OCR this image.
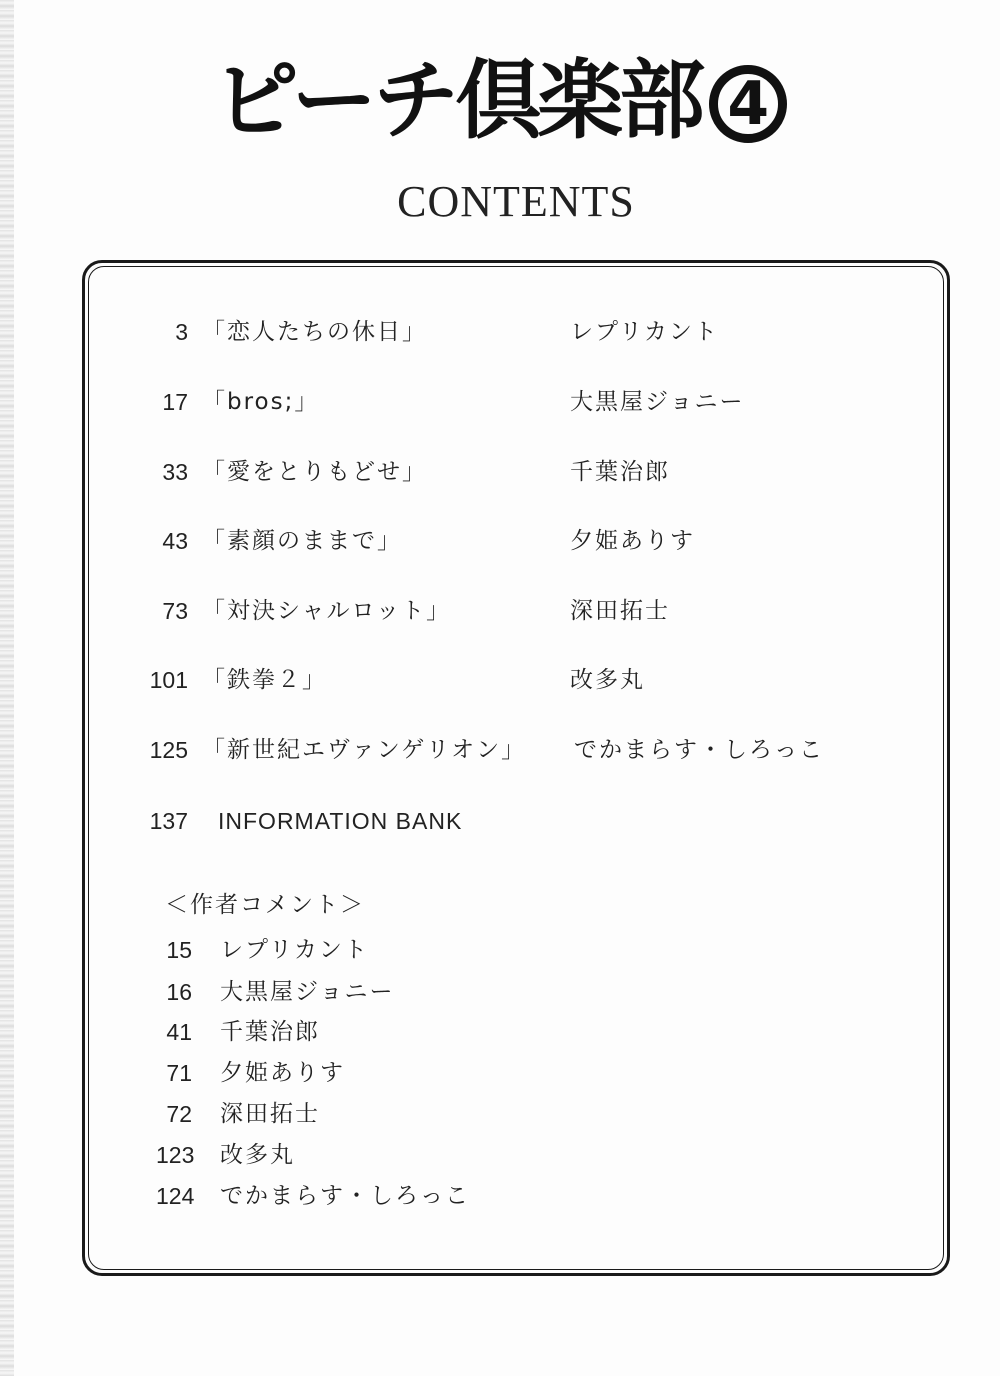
ピーチ倶楽部 4
CONTENTS
3 「恋人たちの休日」	レプリカント
17 「bros;」	大黒屋ジョニー
33 「愛をとりもどせ」	千葉治郎
43 「素顔のままで」	夕姫ありす
73 「対決シャルロット」	深田拓士
101 「鉄拳２」	改多丸
125 「新世紀エヴァンゲリオン」 でかまらす・しろっこ
137 INFORMATION BANK
＜作者コメント＞
15 レプリカント
16 大黒屋ジョニー
41 千葉治郎
71 夕姫ありす
72 深田拓士
123 改多丸
124 でかまらす・しろっこ
